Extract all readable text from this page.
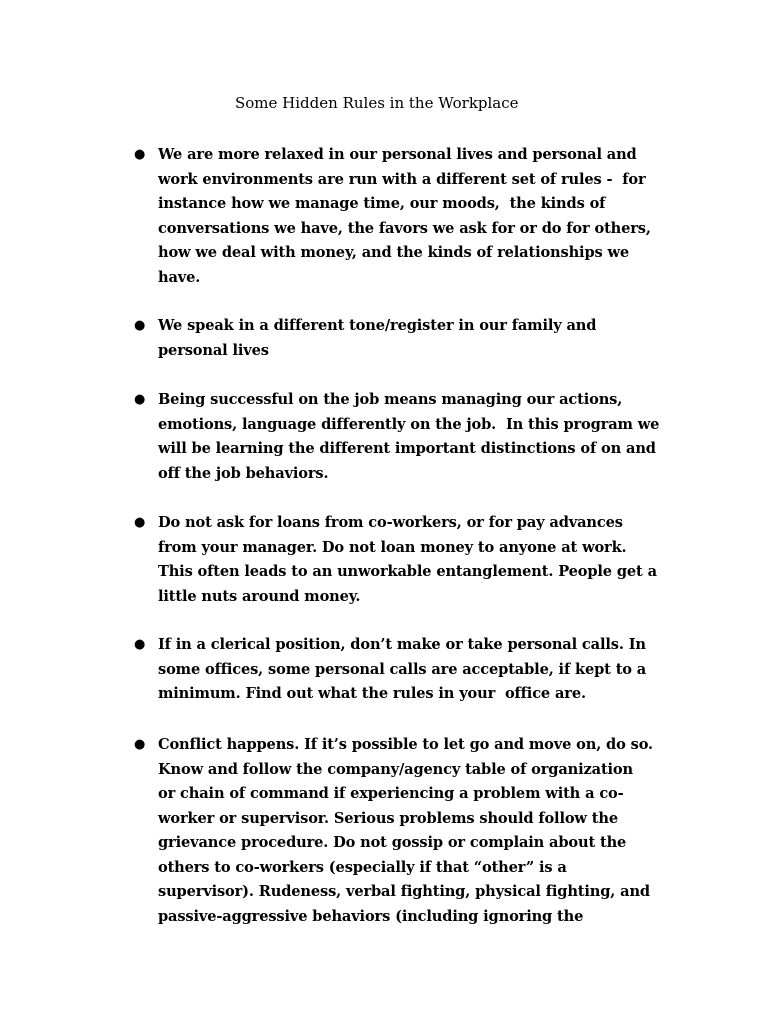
Some Hidden Rules in the Workplace
● We are more relaxed in our personal lives and personal and
work environments are run with a different set of rules -  for
instance how we manage time, our moods,  the kinds of
conversations we have, the favors we ask for or do for others,
how we deal with money, and the kinds of relationships we
have.

● We speak in a different tone/register in our family and
personal lives

● Being successful on the job means managing our actions,
emotions, language differently on the job.  In this program we
will be learning the different important distinctions of on and
off the job behaviors.

● Do not ask for loans from co-workers, or for pay advances
from your manager. Do not loan money to anyone at work.
This often leads to an unworkable entanglement. People get a
little nuts around money.

● If in a clerical position, don’t make or take personal calls. In
some offices, some personal calls are acceptable, if kept to a
minimum. Find out what the rules in your  office are.

● Conflict happens. If it’s possible to let go and move on, do so.
Know and follow the company/agency table of organization
or chain of command if experiencing a problem with a co-
worker or supervisor. Serious problems should follow the
grievance procedure. Do not gossip or complain about the
others to co-workers (especially if that “other” is a
supervisor). Rudeness, verbal fighting, physical fighting, and
passive-aggressive behaviors (including ignoring the
